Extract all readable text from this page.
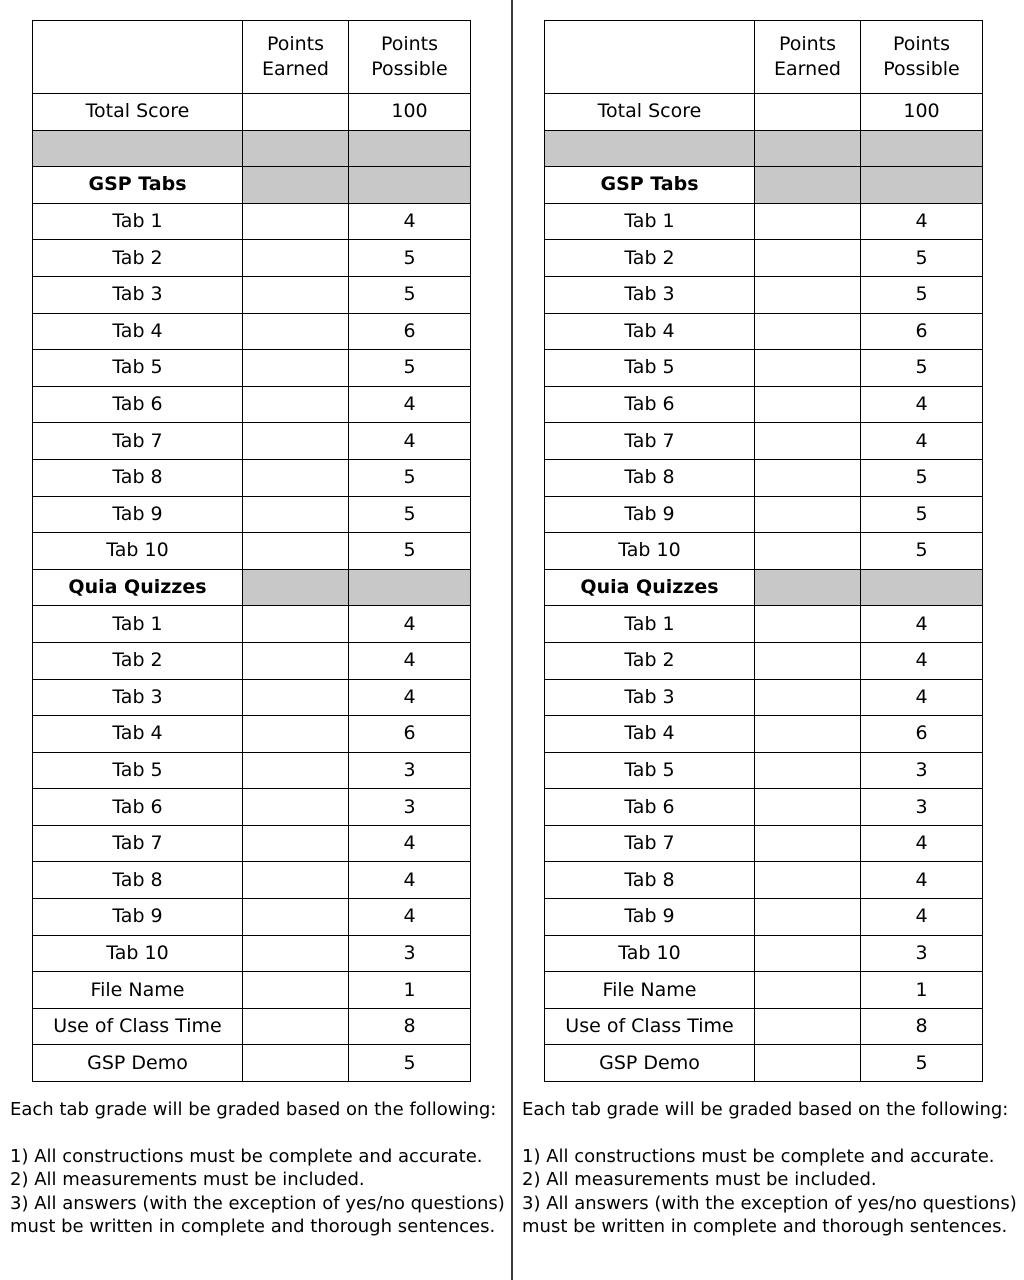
	Points Earned	Points Possible
Total Score		100

GSP Tabs		
Tab 1		4
Tab 2		5
Tab 3		5
Tab 4		6
Tab 5		5
Tab 6		4
Tab 7		4
Tab 8		5
Tab 9		5
Tab 10		5
Quia Quizzes		
Tab 1		4
Tab 2		4
Tab 3		4
Tab 4		6
Tab 5		3
Tab 6		3
Tab 7		4
Tab 8		4
Tab 9		4
Tab 10		3
File Name		1
Use of Class Time		8
GSP Demo		5

Each tab grade will be graded based on the following:

1) All constructions must be complete and accurate.

2) All measurements must be included.

3) All answers (with the exception of yes/no questions) must be written in complete and thorough sentences.

	Points Earned	Points Possible
Total Score		100

GSP Tabs		
Tab 1		4
Tab 2		5
Tab 3		5
Tab 4		6
Tab 5		5
Tab 6		4
Tab 7		4
Tab 8		5
Tab 9		5
Tab 10		5
Quia Quizzes		
Tab 1		4
Tab 2		4
Tab 3		4
Tab 4		6
Tab 5		3
Tab 6		3
Tab 7		4
Tab 8		4
Tab 9		4
Tab 10		3
File Name		1
Use of Class Time		8
GSP Demo		5

Each tab grade will be graded based on the following:

1) All constructions must be complete and accurate.

2) All measurements must be included.

3) All answers (with the exception of yes/no questions) must be written in complete and thorough sentences.
